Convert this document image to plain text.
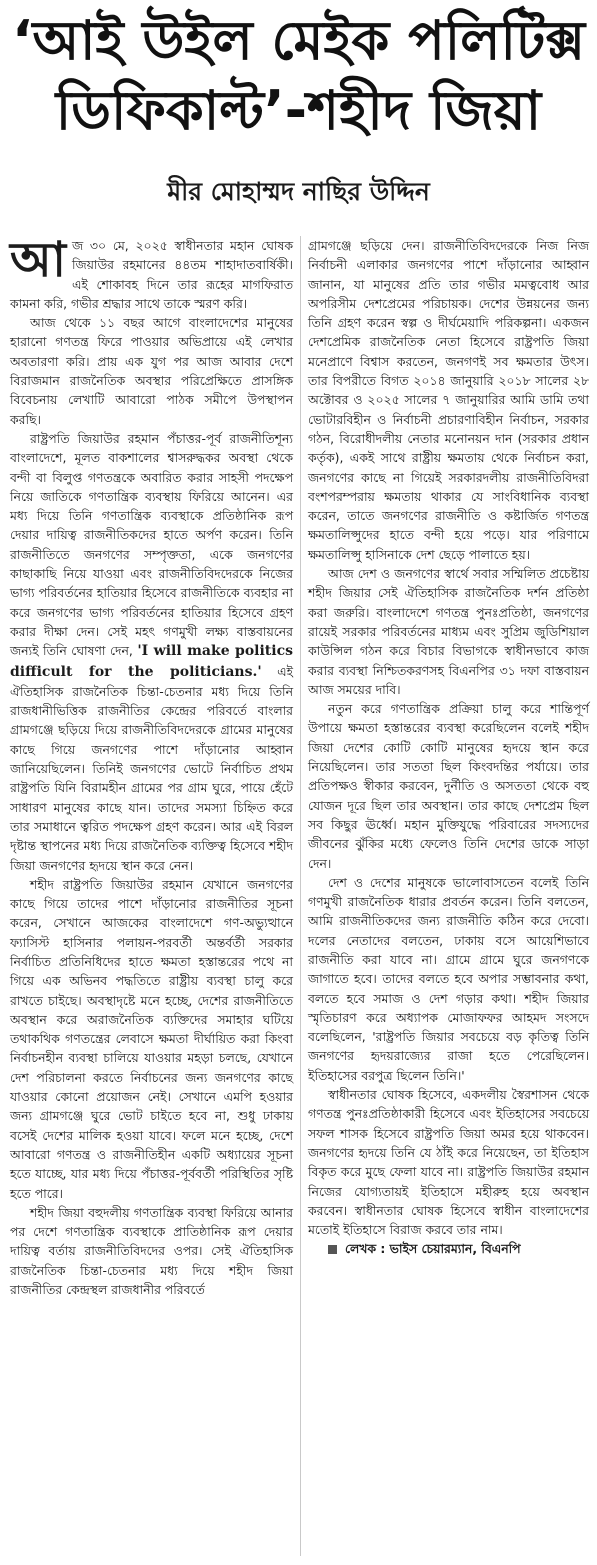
‘আই উইল মেইক পলিটিক্স
ডিফিকাল্ট’-শহীদ জিয়া
মীর মোহাম্মদ নাছির উদ্দিন

আজ ৩০ মে, ২০২৫ স্বাধীনতার মহান ঘোষক জিয়াউর রহমানের ৪৪তম শাহাদাতবার্ষিকী। এই শোকাবহ দিনে তার রূহের মাগফিরাত কামনা করি, গভীর শ্রদ্ধার সাথে তাকে স্মরণ করি।

আজ থেকে ১১ বছর আগে বাংলাদেশের মানুষের হারানো গণতন্ত্র ফিরে পাওয়ার অভিপ্রায়ে এই লেখার অবতারণা করি। প্রায় এক যুগ পর আজ আবার দেশে বিরাজমান রাজনৈতিক অবস্থার পরিপ্রেক্ষিতে প্রাসঙ্গিক বিবেচনায় লেখাটি আবারো পাঠক সমীপে উপস্থাপন করছি।

রাষ্ট্রপতি জিয়াউর রহমান পঁচাত্তর-পূর্ব রাজনীতিশূন্য বাংলাদেশে, মূলত বাকশালের শ্বাসরুদ্ধকর অবস্থা থেকে বন্দী বা বিলুপ্ত গণতন্ত্রকে অবারিত করার সাহসী পদক্ষেপ নিয়ে জাতিকে গণতান্ত্রিক ব্যবস্থায় ফিরিয়ে আনেন। এর মধ্য দিয়ে তিনি গণতান্ত্রিক ব্যবস্থাকে প্রতিষ্ঠানিক রূপ দেয়ার দায়িত্ব রাজনীতিকদের হাতে অর্পণ করেন। তিনি রাজনীতিতে জনগণের সম্পৃক্ততা, একে জনগণের কাছাকাছি নিয়ে যাওয়া এবং রাজনীতিবিদদেরকে নিজের ভাগ্য পরিবর্তনের হাতিয়ার হিসেবে রাজনীতিকে ব্যবহার না করে জনগণের ভাগ্য পরিবর্তনের হাতিয়ার হিসেবে গ্রহণ করার দীক্ষা দেন। সেই মহৎ গণমুখী লক্ষ্য বাস্তবায়নের জন্যই তিনি ঘোষণা দেন, 'I will make politics difficult for the politicians.' এই ঐতিহাসিক রাজনৈতিক চিন্তা-চেতনার মধ্য দিয়ে তিনি রাজধানীভিত্তিক রাজনীতির কেন্দ্রের পরিবর্তে বাংলার গ্রামগঞ্জে ছড়িয়ে দিয়ে রাজনীতিবিদদেরকে গ্রামের মানুষের কাছে গিয়ে জনগণের পাশে দাঁড়ানোর আহ্বান জানিয়েছিলেন। তিনিই জনগণের ভোটে নির্বাচিত প্রথম রাষ্ট্রপতি যিনি বিরামহীন গ্রামের পর গ্রাম ঘুরে, পায়ে হেঁটে সাধারণ মানুষের কাছে যান। তাদের সমস্যা চিহ্নিত করে তার সমাধানে ত্বরিত পদক্ষেপ গ্রহণ করেন। আর এই বিরল দৃষ্টান্ত স্থাপনের মধ্য দিয়ে রাজনৈতিক ব্যক্তিত্ব হিসেবে শহীদ জিয়া জনগণের হৃদয়ে স্থান করে নেন।

শহীদ রাষ্ট্রপতি জিয়াউর রহমান যেখানে জনগণের কাছে গিয়ে তাদের পাশে দাঁড়ানোর রাজনীতির সূচনা করেন, সেখানে আজকের বাংলাদেশে গণ-অভ্যুত্থানে ফ্যাসিস্ট হাসিনার পলায়ন-পরবর্তী অন্তর্বর্তী সরকার নির্বাচিত প্রতিনিধিদের হাতে ক্ষমতা হস্তান্তরের পথে না গিয়ে এক অভিনব পদ্ধতিতে রাষ্ট্রীয় ব্যবস্থা চালু করে রাখতে চাইছে। অবস্থাদৃষ্টে মনে হচ্ছে, দেশের রাজনীতিতে অবস্থান করে অরাজনৈতিক ব্যক্তিদের সমাহার ঘটিয়ে তথাকথিক গণতন্ত্রের লেবাসে ক্ষমতা দীর্ঘায়িত করা কিংবা নির্বাচনহীন ব্যবস্থা চালিয়ে যাওয়ার মহড়া চলছে, যেখানে দেশ পরিচালনা করতে নির্বাচনের জন্য জনগণের কাছে যাওয়ার কোনো প্রয়োজন নেই। সেখানে এমপি হওয়ার জন্য গ্রামগঞ্জে ঘুরে ভোট চাইতে হবে না, শুধু ঢাকায় বসেই দেশের মালিক হওয়া যাবে। ফলে মনে হচ্ছে, দেশে আবারো গণতন্ত্র ও রাজনীতিহীন একটি অধ্যায়ের সূচনা হতে যাচ্ছে, যার মধ্য দিয়ে পঁচাত্তর-পূর্ববর্তী পরিস্থিতির সৃষ্টি হতে পারে।

শহীদ জিয়া বহুদলীয় গণতান্ত্রিক ব্যবস্থা ফিরিয়ে আনার পর দেশে গণতান্ত্রিক ব্যবস্থাকে প্রাতিষ্ঠানিক রূপ দেয়ার দায়িত্ব বর্তায় রাজনীতিবিদদের ওপর। সেই ঐতিহাসিক রাজনৈতিক চিন্তা-চেতনার মধ্য দিয়ে শহীদ জিয়া রাজনীতির কেন্দ্রস্থল রাজধানীর পরিবর্তে

গ্রামগঞ্জে ছড়িয়ে দেন। রাজনীতিবিদদেরকে নিজ নিজ নির্বাচনী এলাকার জনগণের পাশে দাঁড়ানোর আহ্বান জানান, যা মানুষের প্রতি তার গভীর মমত্ববোধ আর অপরিসীম দেশপ্রেমের পরিচায়ক। দেশের উন্নয়নের জন্য তিনি গ্রহণ করেন স্বল্প ও দীর্ঘমেয়াদি পরিকল্পনা। একজন দেশপ্রেমিক রাজনৈতিক নেতা হিসেবে রাষ্ট্রপতি জিয়া মনেপ্রাণে বিশ্বাস করতেন, জনগণই সব ক্ষমতার উৎস। তার বিপরীতে বিগত ২০১৪ জানুয়ারি ২০১৮ সালের ২৮ অক্টোবর ও ২০২৫ সালের ৭ জানুয়ারির আমি ডামি তথা ভোটারবিহীন ও নির্বাচনী প্রচারণাবিহীন নির্বাচন, সরকার গঠন, বিরোধীদলীয় নেতার মনোনয়ন দান (সরকার প্রধান কর্তৃক), একই সাথে রাষ্ট্রীয় ক্ষমতায় থেকে নির্বাচন করা, জনগণের কাছে না গিয়েই সরকারদলীয় রাজনীতিবিদরা বংশপরম্পরায় ক্ষমতায় থাকার যে সাংবিধানিক ব্যবস্থা করেন, তাতে জনগণের রাজনীতি ও কষ্টার্জিত গণতন্ত্র ক্ষমতালিপ্সুদের হাতে বন্দী হয়ে পড়ে। যার পরিণামে ক্ষমতালিপ্সু হাসিনাকে দেশ ছেড়ে পালাতে হয়।

আজ দেশ ও জনগণের স্বার্থে সবার সম্মিলিত প্রচেষ্টায় শহীদ জিয়ার সেই ঐতিহাসিক রাজনৈতিক দর্শন প্রতিষ্ঠা করা জরুরি। বাংলাদেশে গণতন্ত্র পুনঃপ্রতিষ্ঠা, জনগণের রায়েই সরকার পরিবর্তনের মাধ্যম এবং সুপ্রিম জুডিশিয়াল কাউন্সিল গঠন করে বিচার বিভাগকে স্বাধীনভাবে কাজ করার ব্যবস্থা নিশ্চিতকরণসহ বিএনপির ৩১ দফা বাস্তবায়ন আজ সময়ের দাবি।

নতুন করে গণতান্ত্রিক প্রক্রিয়া চালু করে শান্তিপূর্ণ উপায়ে ক্ষমতা হস্তান্তরের ব্যবস্থা করেছিলেন বলেই শহীদ জিয়া দেশের কোটি কোটি মানুষের হৃদয়ে স্থান করে নিয়েছিলেন। তার সততা ছিল কিংবদন্তির পর্যায়ে। তার প্রতিপক্ষও স্বীকার করবেন, দুর্নীতি ও অসততা থেকে বহু যোজন দূরে ছিল তার অবস্থান। তার কাছে দেশপ্রেম ছিল সব কিছুর ঊর্ধ্বে। মহান মুক্তিযুদ্ধে পরিবারের সদস্যদের জীবনের ঝুঁকির মধ্যে ফেলেও তিনি দেশের ডাকে সাড়া দেন।

দেশ ও দেশের মানুষকে ভালোবাসতেন বলেই তিনি গণমুখী রাজনৈতিক ধারার প্রবর্তন করেন। তিনি বলতেন, আমি রাজনীতিকদের জন্য রাজনীতি কঠিন করে দেবো। দলের নেতাদের বলতেন, ঢাকায় বসে আয়েশিভাবে রাজনীতি করা যাবে না। গ্রামে গ্রামে ঘুরে জনগণকে জাগাতে হবে। তাদের বলতে হবে অপার সম্ভাবনার কথা, বলতে হবে সমাজ ও দেশ গড়ার কথা। শহীদ জিয়ার স্মৃতিচারণ করে অধ্যাপক মোজাফফর আহমদ সংসদে বলেছিলেন, 'রাষ্ট্রপতি জিয়ার সবচেয়ে বড় কৃতিত্ব তিনি জনগণের হৃদয়রাজ্যের রাজা হতে পেরেছিলেন। ইতিহাসের বরপুত্র ছিলেন তিনি।'

স্বাধীনতার ঘোষক হিসেবে, একদলীয় স্বৈরশাসন থেকে গণতন্ত্র পুনঃপ্রতিষ্ঠাকারী হিসেবে এবং ইতিহাসের সবচেয়ে সফল শাসক হিসেবে রাষ্ট্রপতি জিয়া অমর হয়ে থাকবেন। জনগণের হৃদয়ে তিনি যে ঠাঁই করে নিয়েছেন, তা ইতিহাস বিকৃত করে মুছে ফেলা যাবে না। রাষ্ট্রপতি জিয়াউর রহমান নিজের যোগ্যতায়ই ইতিহাসে মহীরুহ হয়ে অবস্থান করবেন। স্বাধীনতার ঘোষক হিসেবে স্বাধীন বাংলাদেশের মতোই ইতিহাসে বিরাজ করবে তার নাম।

লেখক : ভাইস চেয়ারম্যান, বিএনপি
